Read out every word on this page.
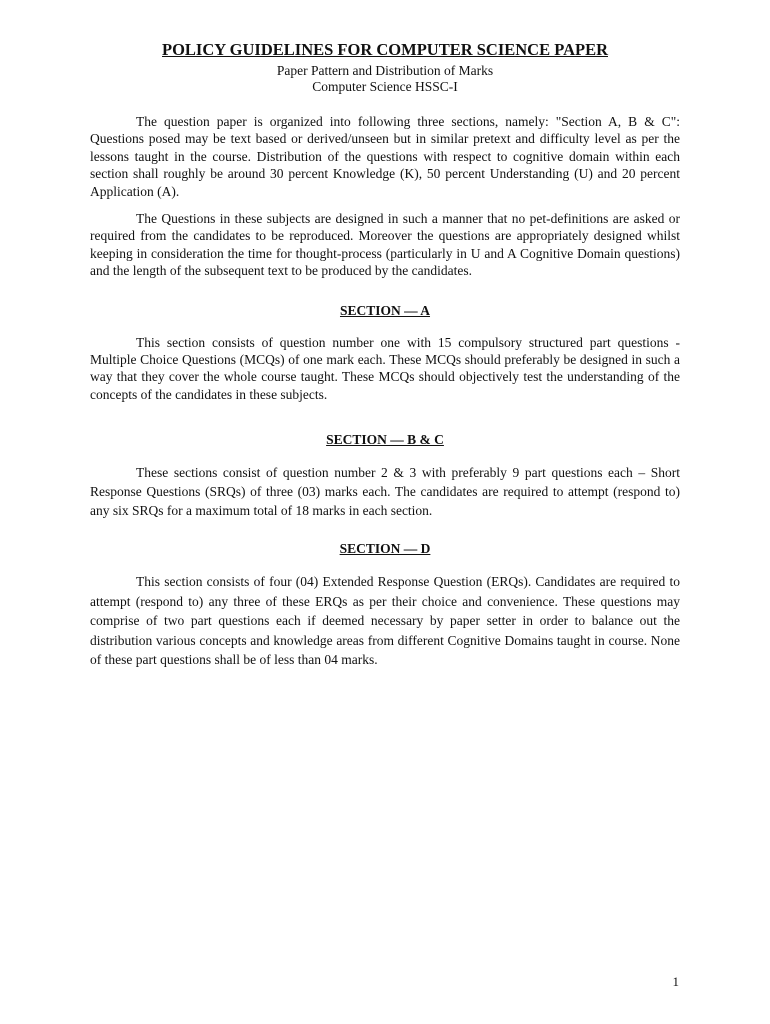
POLICY GUIDELINES FOR COMPUTER SCIENCE PAPER

Paper Pattern and Distribution of Marks

Computer Science HSSC-I

The question paper is organized into following three sections, namely: "Section A, B & C": Questions posed may be text based or derived/unseen but in similar pretext and difficulty level as per the lessons taught in the course. Distribution of the questions with respect to cognitive domain within each section shall roughly be around 30 percent Knowledge (K), 50 percent Understanding (U) and 20 percent Application (A).

The Questions in these subjects are designed in such a manner that no pet-definitions are asked or required from the candidates to be reproduced. Moreover the questions are appropriately designed whilst keeping in consideration the time for thought-process (particularly in U and A Cognitive Domain questions) and the length of the subsequent text to be produced by the candidates.

SECTION — A

This section consists of question number one with 15 compulsory structured part questions - Multiple Choice Questions (MCQs) of one mark each. These MCQs should preferably be designed in such a way that they cover the whole course taught. These MCQs should objectively test the understanding of the concepts of the candidates in these subjects.

SECTION — B & C

These sections consist of question number 2 & 3 with preferably 9 part questions each – Short Response Questions (SRQs) of three (03) marks each. The candidates are required to attempt (respond to) any six SRQs for a maximum total of 18 marks in each section.

SECTION — D

This section consists of four (04) Extended Response Question (ERQs). Candidates are required to attempt (respond to) any three of these ERQs as per their choice and convenience. These questions may comprise of two part questions each if deemed necessary by paper setter in order to balance out the distribution various concepts and knowledge areas from different Cognitive Domains taught in course. None of these part questions shall be of less than 04 marks.

1
